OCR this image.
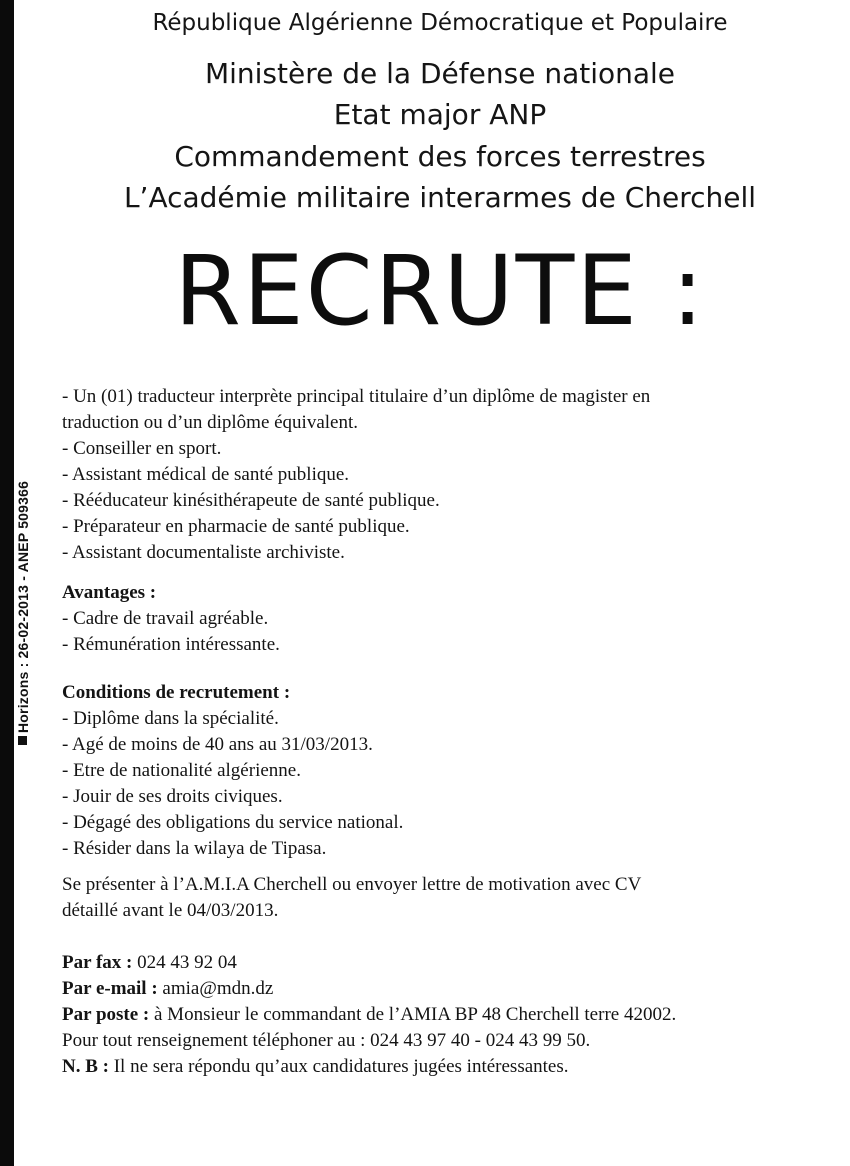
Horizons : 26-02-2013 - ANEP 509366
République Algérienne Démocratique et Populaire
Ministère de la Défense nationale
Etat major ANP
Commandement des forces terrestres
L’Académie militaire interarmes de Cherchell
RECRUTE :
- Un (01) traducteur interprète principal titulaire d’un diplôme de magister en
traduction ou d’un diplôme équivalent.
- Conseiller en sport.
- Assistant médical de santé publique.
- Rééducateur kinésithérapeute de santé publique.
- Préparateur en pharmacie de santé publique.
- Assistant documentaliste archiviste.
Avantages :
- Cadre de travail agréable.
- Rémunération intéressante.
Conditions de recrutement :
- Diplôme dans la spécialité.
- Agé de moins de 40 ans au 31/03/2013.
- Etre de nationalité algérienne.
- Jouir de ses droits civiques.
- Dégagé des obligations du service national.
- Résider dans la wilaya de Tipasa.
Se présenter à l’A.M.I.A Cherchell ou envoyer lettre de motivation avec CV
détaillé avant le 04/03/2013.
Par fax : 024 43 92 04
Par e-mail : amia@mdn.dz
Par poste : à Monsieur le commandant de l’AMIA BP 48 Cherchell terre 42002.
Pour tout renseignement téléphoner au : 024 43 97 40 - 024 43 99 50.
N. B : Il ne sera répondu qu’aux candidatures jugées intéressantes.
